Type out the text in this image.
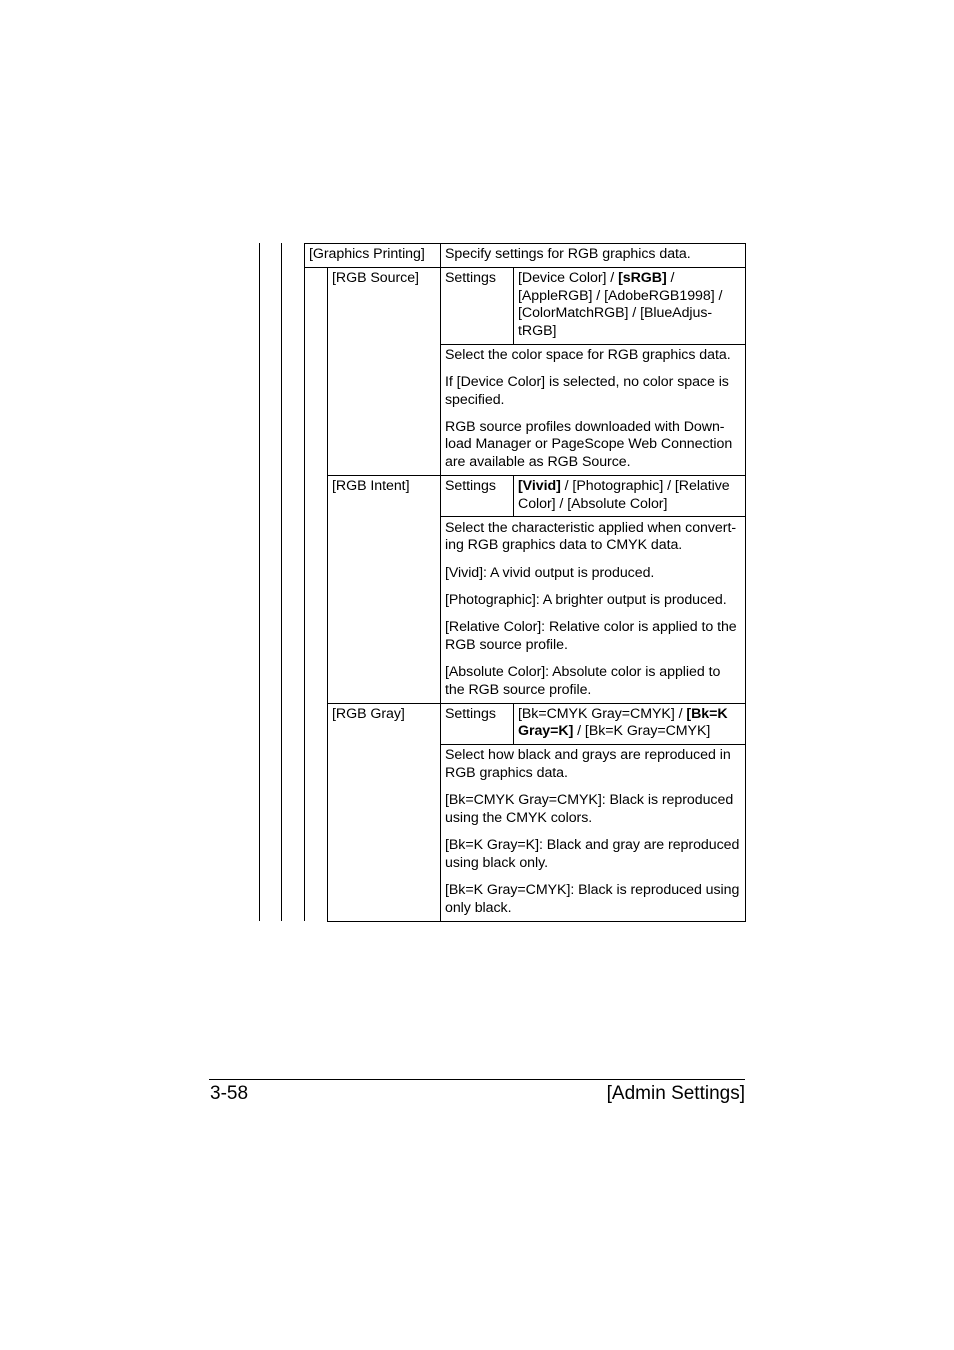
[Graphics Printing] Specify settings for RGB graphics data.
[RGB Source] Settings [Device Color] / [sRGB] /
[AppleRGB] / [AdobeRGB1998] /
[ColorMatchRGB] / [BlueAdjus-
tRGB]
Select the color space for RGB graphics data.
If [Device Color] is selected, no color space is
specified.
RGB source profiles downloaded with Down-
load Manager or PageScope Web Connection
are available as RGB Source.
[RGB Intent]	Settings [Vivid] / [Photographic] / [Relative
Color] / [Absolute Color]
Select the characteristic applied when convert-
ing RGB graphics data to CMYK data.
[Vivid]: A vivid output is produced.
[Photographic]: A brighter output is produced.
[Relative Color]: Relative color is applied to the
RGB source profile.
[Absolute Color]: Absolute color is applied to
the RGB source profile.
[RGB Gray]	Settings [Bk=CMYK Gray=CMYK] / [Bk=K
Gray=K] / [Bk=K Gray=CMYK]
Select how black and grays are reproduced in
RGB graphics data.
[Bk=CMYK Gray=CMYK]: Black is reproduced
using the CMYK colors.
[Bk=K Gray=K]: Black and gray are reproduced
using black only.
[Bk=K Gray=CMYK]: Black is reproduced using
only black.
3-58	[Admin Settings]
